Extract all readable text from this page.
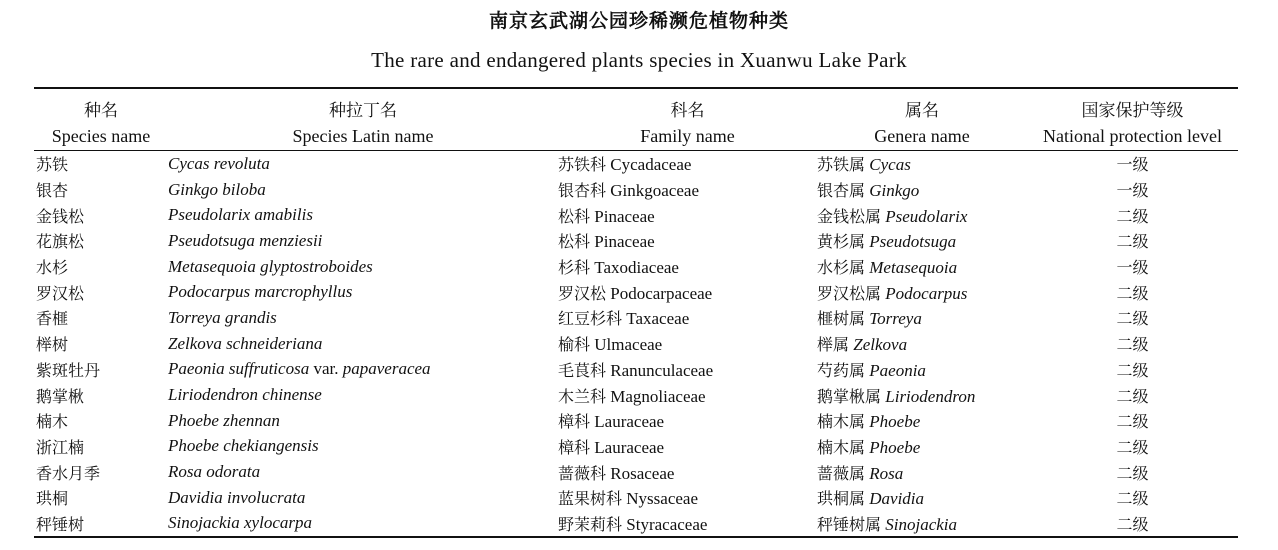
南京玄武湖公园珍稀濒危植物种类
The rare and endangered plants species in Xuanwu Lake Park
种名	种拉丁名	科名	属名	国家保护等级
Species name	Species Latin name	Family name	Genera name	National protection level
苏铁	Cycas revoluta	苏铁科 Cycadaceae	苏铁属 Cycas	一级
银杏	Ginkgo biloba	银杏科 Ginkgoaceae	银杏属 Ginkgo	一级
金钱松	Pseudolarix amabilis	松科 Pinaceae	金钱松属 Pseudolarix	二级
花旗松	Pseudotsuga menziesii	松科 Pinaceae	黄杉属 Pseudotsuga	二级
水杉	Metasequoia glyptostroboides	杉科 Taxodiaceae	水杉属 Metasequoia	一级
罗汉松	Podocarpus marcrophyllus	罗汉松 Podocarpaceae	罗汉松属 Podocarpus	二级
香榧	Torreya grandis	红豆杉科 Taxaceae	榧树属 Torreya	二级
榉树	Zelkova schneideriana	榆科 Ulmaceae	榉属 Zelkova	二级
紫斑牡丹	Paeonia suffruticosa var. papaveracea	毛茛科 Ranunculaceae	芍药属 Paeonia	二级
鹅掌楸	Liriodendron chinense	木兰科 Magnoliaceae	鹅掌楸属 Liriodendron	二级
楠木	Phoebe zhennan	樟科 Lauraceae	楠木属 Phoebe	二级
浙江楠	Phoebe chekiangensis	樟科 Lauraceae	楠木属 Phoebe	二级
香水月季	Rosa odorata	蔷薇科 Rosaceae	蔷薇属 Rosa	二级
珙桐	Davidia involucrata	蓝果树科 Nyssaceae	珙桐属 Davidia	二级
秤锤树	Sinojackia xylocarpa	野茉莉科 Styracaceae	秤锤树属 Sinojackia	二级
